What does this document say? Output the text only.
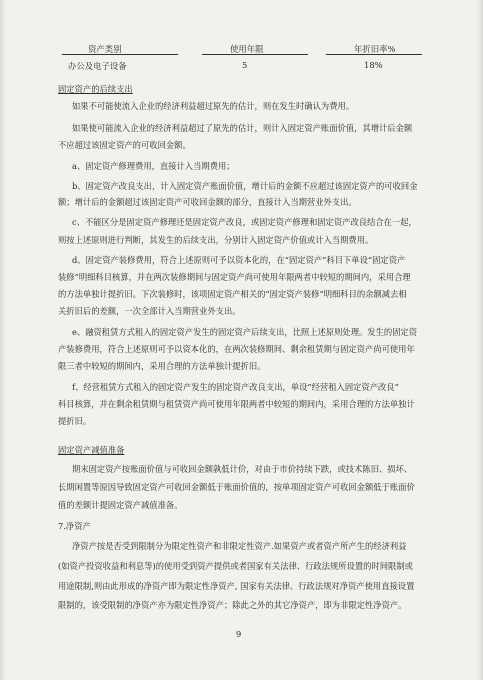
资产类别	使用年限	年折旧率%
办公及电子设备	5	18%
固定资产的后续支出
如果不可能使流入企业的经济利益超过原先的估计，则在发生时确认为费用。
如果使可能流入企业的经济利益超过了原先的估计，则计入固定资产账面价值，其增计后金额
不应超过该固定资产的可收回金额。
a、固定资产修理费用，直接计入当期费用；
b、固定资产改良支出，计入固定资产账面价值，增计后的金额不应超过该固定资产的可收回金
额；增计后的金额超过该固定资产可收回金额的部分，直接计入当期营业外支出。
c、不能区分是固定资产修理还是固定资产改良，或固定资产修理和固定资产改良结合在一起，
则按上述原则进行判断，其发生的后续支出，分别计入固定资产价值或计入当期费用。
d、固定资产装修费用，符合上述原则可予以资本化的，在“固定资产”科目下单设“固定资产
装修”明细科目核算，并在两次装修期间与固定资产尚可使用年限两者中较短的期间内，采用合理
的方法单独计提折旧。下次装修时，该项固定资产相关的“固定资产装修”明细科目的余额减去相
关折旧后的差额，一次全部计入当期营业外支出。
e、融资租赁方式租入的固定资产发生的固定资产后续支出，比照上述原则处理。发生的固定资
产装修费用，符合上述原则可予以资本化的，在两次装修期间、剩余租赁期与固定资产尚可使用年
限三者中较短的期间内，采用合理的方法单独计提折旧。
f、经营租赁方式租入的固定资产发生的固定资产改良支出，单设“经营租入固定资产改良”
科目核算，并在剩余租赁期与租赁资产尚可使用年限两者中较短的期间内，采用合理的方法单独计
提折旧。
固定资产减值准备
期末固定资产按账面价值与可收回金额孰低计价，对由于市价持续下跌，或技术陈旧、损坏、
长期闲置等原因导致固定资产可收回金额低于账面价值的，按单项固定资产可收回金额低于账面价
值的差额计提固定资产减值准备。
7.净资产
净资产按是否受到限制分为限定性资产和非限定性资产.如果资产或者资产所产生的经济利益
(如资产投资收益和利息等)的使用受到资产提供或者国家有关法律、行政法规所设置的时间限制或
用途限制,则由此形成的净资产即为限定性净资产, 国家有关法律、行政法规对净资产使用直接设置
限制的，该受限制的净资产亦为限定性净资产；除此之外的其它净资产，即为非限定性净资产。
9
